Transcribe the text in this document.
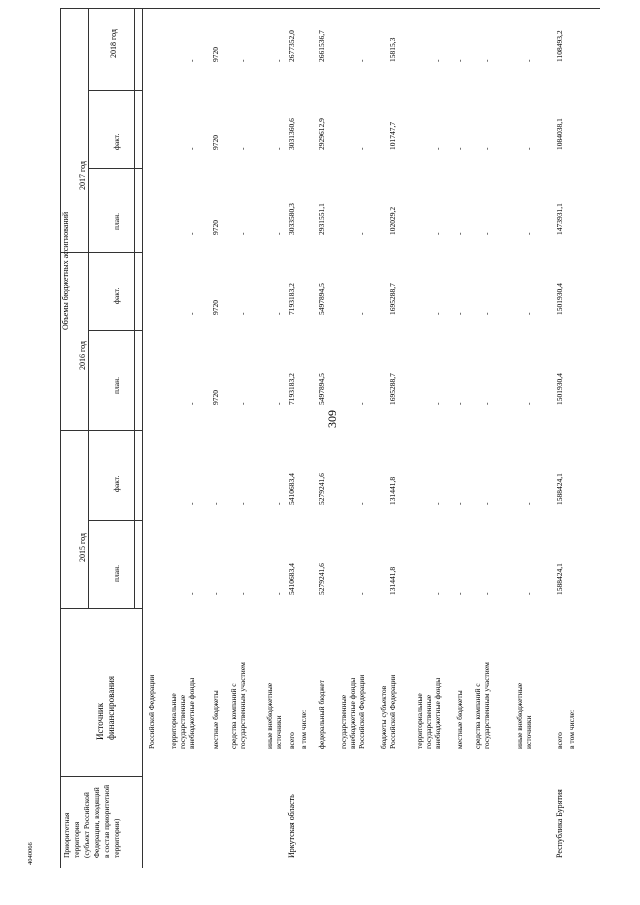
309
4040066	Приоритетная территория (субъект Российской Федерации, входящий в состав приоритетной территории)
Источник финансирования
Объемы бюджетных ассигнований
2015 год
2016 год
2017 год
2018 год
план.
факт.
план.
факт.
план.
факт.
Российской Федерации территориальные государственные внебюджетные фонды
-
-
-
-
-
-
-
местные бюджеты
-
-
9720
9720
9720
9720
9720
средства компаний с государственным участием
-
-
-
-
-
-
-
иные внебюджетные источники
-
-
-
-
-
-
-
Иркутская область
всего
5410683,4
5410683,4
7193183,2
7193183,2
3033580,3
3031360,6
2677352,0
в том числе: федеральный бюджет
5279241,6
5279241,6
5497894,5
5497894,5
2931551,1
2929612,9
2661536,7
государственные внебюджетные фонды Российской Федерации
-
-
-
-
-
-
-
бюджеты субъектов Российской Федерации
131441,8
131441,8
1695288,7
1695288,7
102029,2
101747,7
15815,3
территориальные государственные внебюджетные фонды
-
-
-
-
-
-
-
местные бюджеты
-
-
-
-
-
-
-
средства компаний с государственным участием
-
-
-
-
-
-
-
иные внебюджетные источники
-
-
-
-
-
-
-
Республика Бурятия
всего
1588424,1
1588424,1
1501930,4
1501930,4
1473931,1
1084038,1
1108493,2
в том числе:
